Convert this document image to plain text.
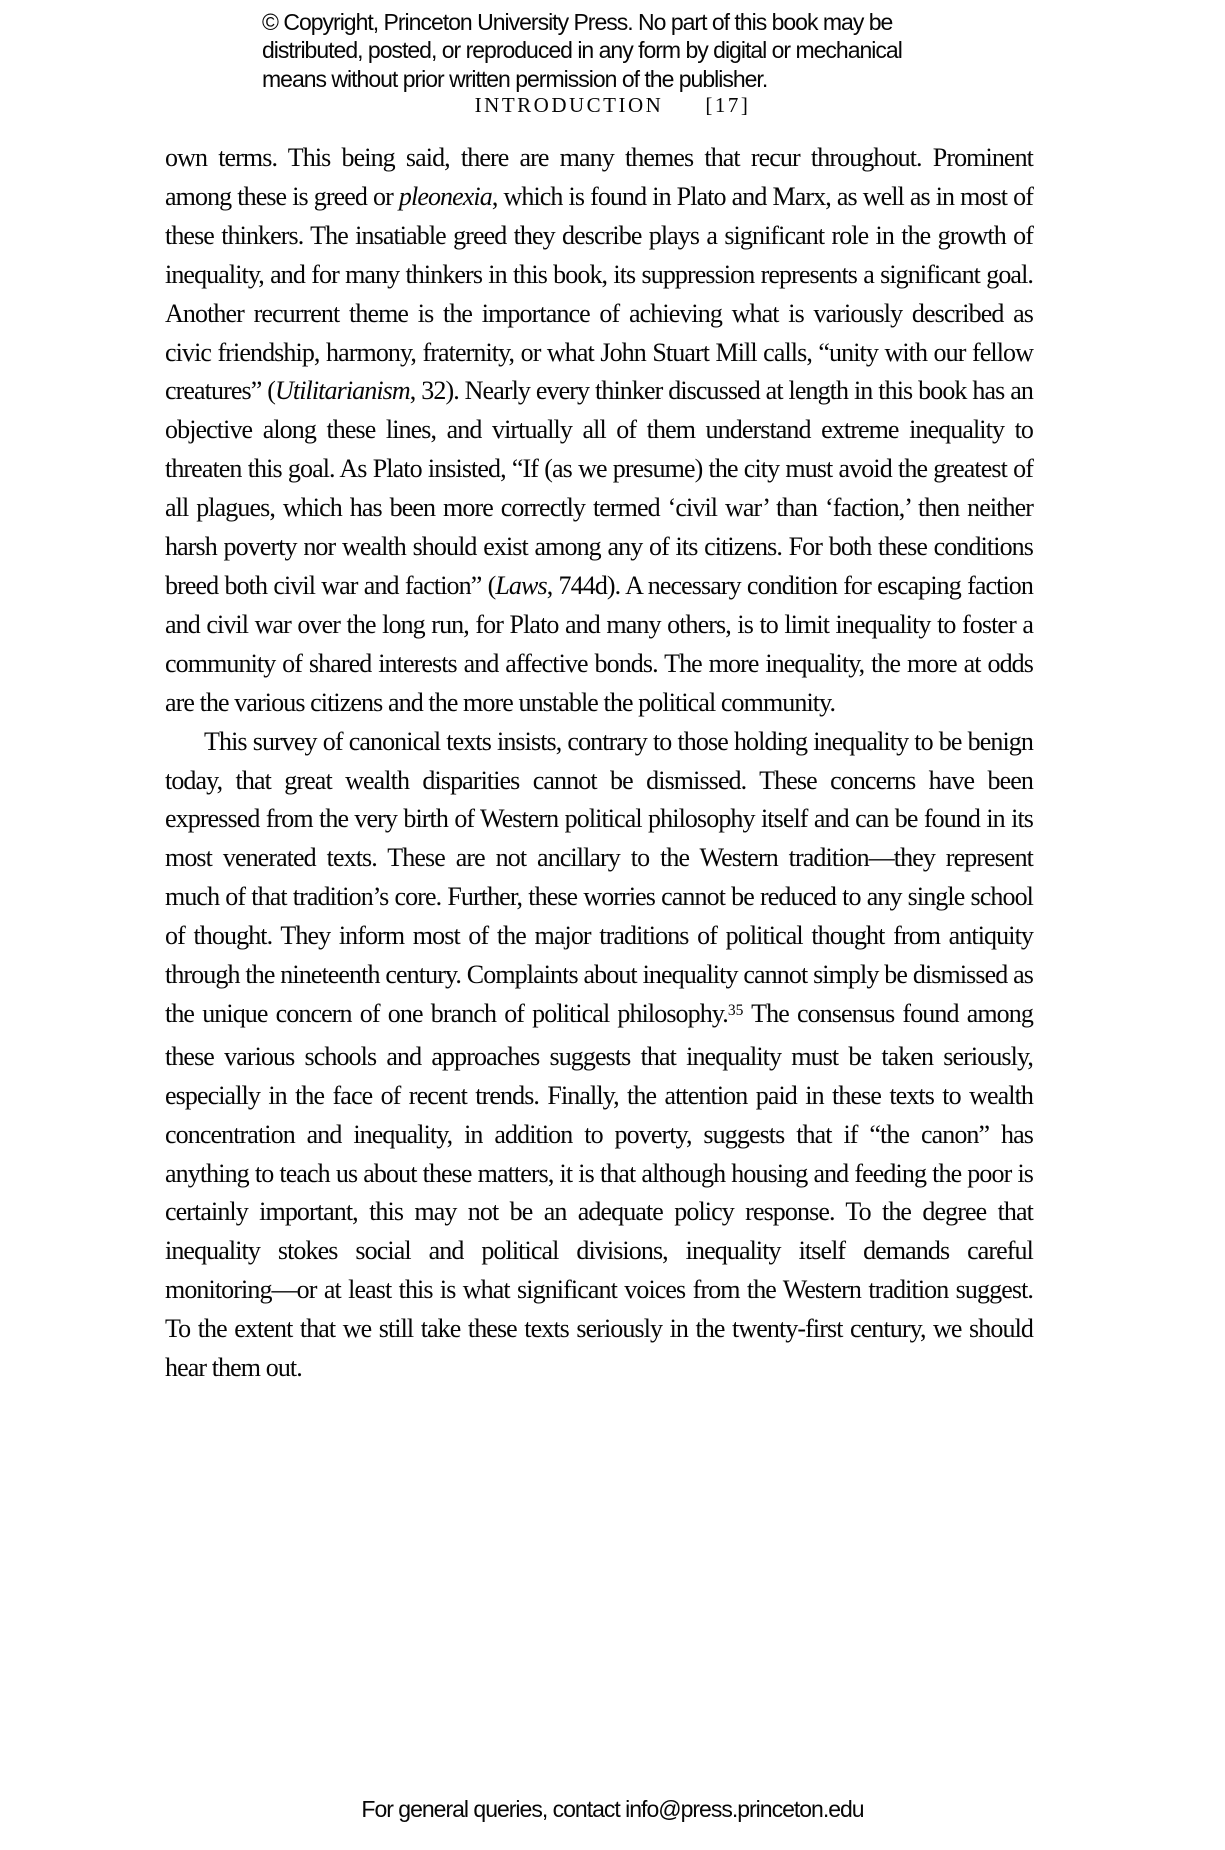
© Copyright, Princeton University Press. No part of this book may be
distributed, posted, or reproduced in any form by digital or mechanical
means without prior written permission of the publisher.
INTRODUCTION [17]

own terms. This being said, there are many themes that recur throughout. Prominent among these is greed or pleonexia, which is found in Plato and Marx, as well as in most of these thinkers. The insatiable greed they describe plays a significant role in the growth of inequality, and for many thinkers in this book, its suppression represents a significant goal. Another recurrent theme is the importance of achieving what is variously described as civic friendship, harmony, fraternity, or what John Stuart Mill calls, “unity with our fellow creatures” (Utilitarianism, 32). Nearly every thinker discussed at length in this book has an objective along these lines, and virtually all of them understand extreme inequality to threaten this goal. As Plato insisted, “If (as we presume) the city must avoid the greatest of all plagues, which has been more correctly termed ‘civil war’ than ‘faction,’ then neither harsh poverty nor wealth should exist among any of its citizens. For both these conditions breed both civil war and faction” (Laws, 744d). A necessary condition for escaping faction and civil war over the long run, for Plato and many others, is to limit inequality to foster a community of shared interests and affective bonds. The more inequality, the more at odds are the various citizens and the more unstable the political community.

This survey of canonical texts insists, contrary to those holding inequality to be benign today, that great wealth disparities cannot be dismissed. These concerns have been expressed from the very birth of Western political philosophy itself and can be found in its most venerated texts. These are not ancillary to the Western tradition—they represent much of that tradition’s core. Further, these worries cannot be reduced to any single school of thought. They inform most of the major traditions of political thought from antiquity through the nineteenth century. Complaints about inequality cannot simply be dismissed as the unique concern of one branch of political philosophy.$^{35}$ The consensus found among these various schools and approaches suggests that inequality must be taken seriously, especially in the face of recent trends. Finally, the attention paid in these texts to wealth concentration and inequality, in addition to poverty, suggests that if “the canon” has anything to teach us about these matters, it is that although housing and feeding the poor is certainly important, this may not be an adequate policy response. To the degree that inequality stokes social and political divisions, inequality itself demands careful monitoring—or at least this is what significant voices from the Western tradition suggest. To the extent that we still take these texts seriously in the twenty-first century, we should hear them out.

For general queries, contact info@press.princeton.edu
